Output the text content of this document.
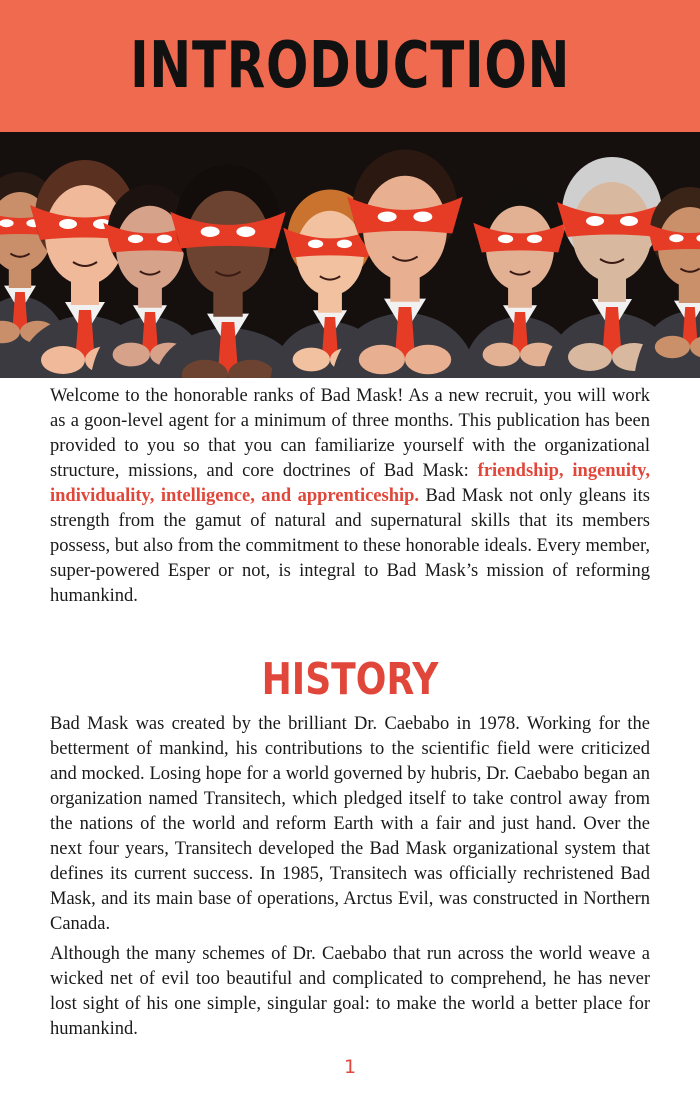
INTRODUCTION

Welcome to the honorable ranks of Bad Mask! As a new recruit, you will work as a goon-level agent for a minimum of three months. This publication has been provided to you so that you can familiarize yourself with the organizational structure, missions, and core doctrines of Bad Mask: friendship, ingenuity, individuality, intelligence, and apprenticeship. Bad Mask not only gleans its strength from the gamut of natural and supernatural skills that its members possess, but also from the commitment to these honorable ideals. Every member, super-powered Esper or not, is integral to Bad Mask’s mission of reforming humankind.

HISTORY

Bad Mask was created by the brilliant Dr. Caebabo in 1978. Working for the betterment of mankind, his contributions to the scientific field were criticized and mocked. Losing hope for a world governed by hubris, Dr. Caebabo began an organization named Transitech, which pledged itself to take control away from the nations of the world and reform Earth with a fair and just hand. Over the next four years, Transitech developed the Bad Mask organizational system that defines its current success. In 1985, Transitech was officially rechristened Bad Mask, and its main base of operations, Arctus Evil, was constructed in Northern Canada.

Although the many schemes of Dr. Caebabo that run across the world weave a wicked net of evil too beautiful and complicated to comprehend, he has never lost sight of his one simple, singular goal: to make the world a better place for humankind.

1
